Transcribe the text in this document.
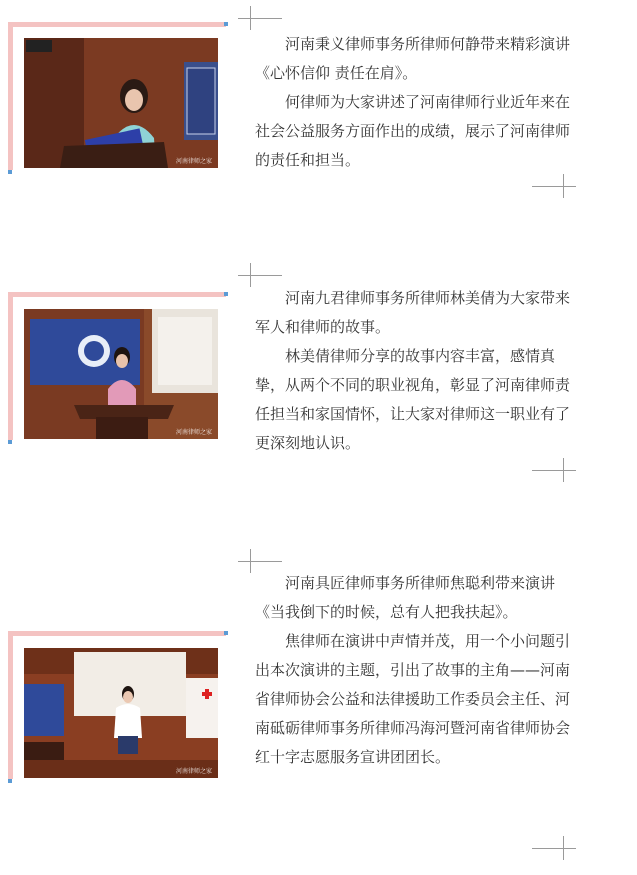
河南律师之家

河南秉义律师事务所律师何静带来精彩演讲《心怀信仰 责任在肩》。

何律师为大家讲述了河南律师行业近年来在社会公益服务方面作出的成绩，展示了河南律师的责任和担当。

河南律师之家

河南九君律师事务所律师林美倩为大家带来军人和律师的故事。

林美倩律师分享的故事内容丰富，感情真挚，从两个不同的职业视角，彰显了河南律师责任担当和家国情怀，让大家对律师这一职业有了更深刻地认识。

河南律师之家

河南具匠律师事务所律师焦聪利带来演讲《当我倒下的时候，总有人把我扶起》。

焦律师在演讲中声情并茂，用一个小问题引出本次演讲的主题，引出了故事的主角——河南省律师协会公益和法律援助工作委员会主任、河南砥砺律师事务所律师冯海河暨河南省律师协会红十字志愿服务宣讲团团长。
